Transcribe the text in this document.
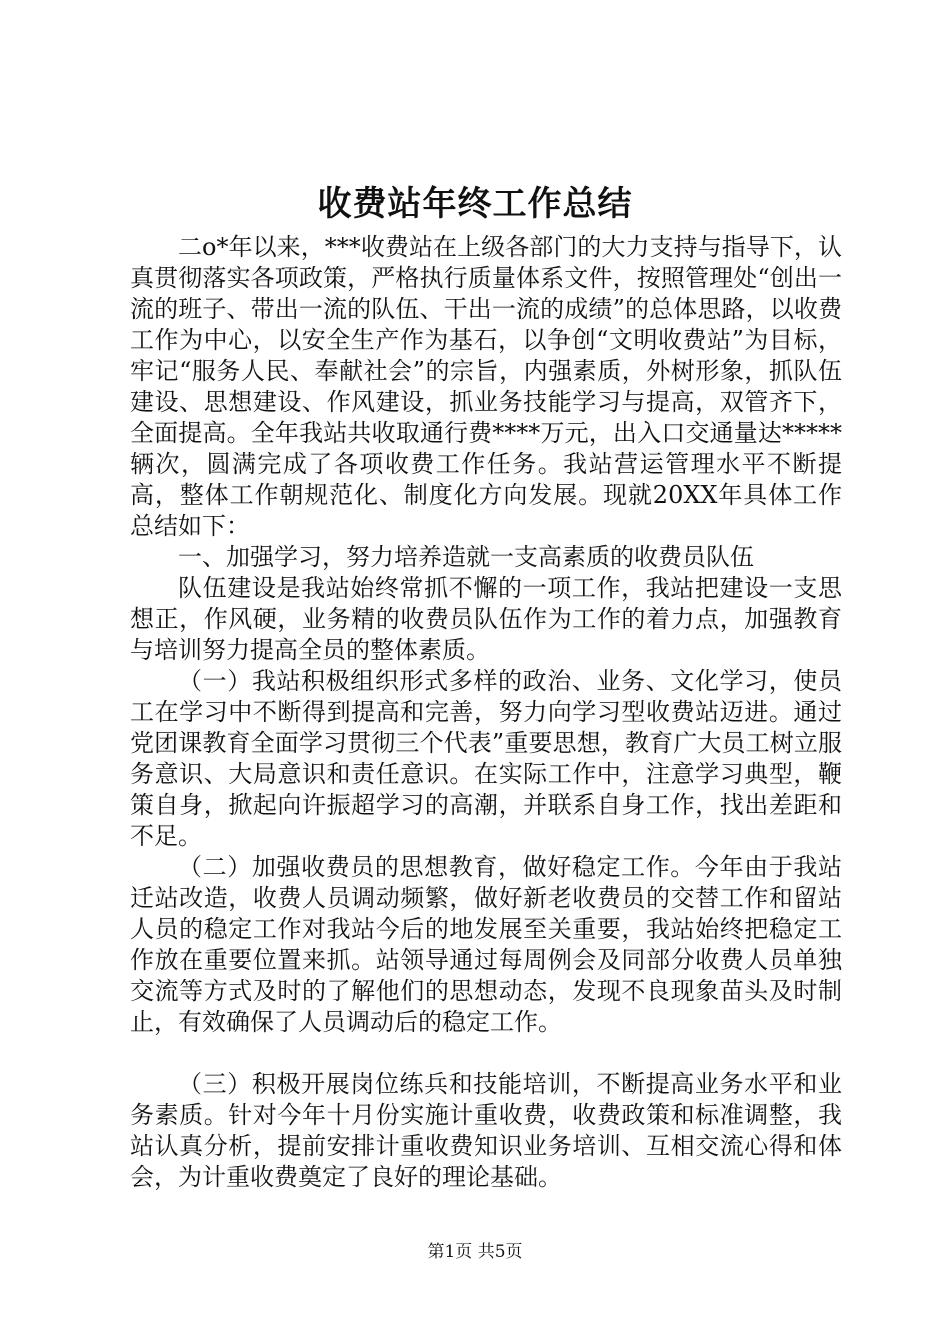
收费站年终工作总结

二o*年以来，***收费站在上级各部门的大力支持与指导下，认真贯彻落实各项政策，严格执行质量体系文件，按照管理处“创出一流的班子、带出一流的队伍、干出一流的成绩”的总体思路，以收费工作为中心，以安全生产作为基石，以争创“文明收费站”为目标，牢记“服务人民、奉献社会”的宗旨，内强素质，外树形象，抓队伍建设、思想建设、作风建设，抓业务技能学习与提高，双管齐下，全面提高。全年我站共收取通行费****万元，出入口交通量达*****辆次，圆满完成了各项收费工作任务。我站营运管理水平不断提高，整体工作朝规范化、制度化方向发展。现就20XX年具体工作总结如下：

一、加强学习，努力培养造就一支高素质的收费员队伍

队伍建设是我站始终常抓不懈的一项工作，我站把建设一支思想正，作风硬，业务精的收费员队伍作为工作的着力点，加强教育与培训努力提高全员的整体素质。

（一）我站积极组织形式多样的政治、业务、文化学习，使员工在学习中不断得到提高和完善，努力向学习型收费站迈进。通过党团课教育全面学习贯彻三个代表”重要思想，教育广大员工树立服务意识、大局意识和责任意识。在实际工作中，注意学习典型，鞭策自身，掀起向许振超学习的高潮，并联系自身工作，找出差距和不足。

（二）加强收费员的思想教育，做好稳定工作。今年由于我站迁站改造，收费人员调动频繁，做好新老收费员的交替工作和留站人员的稳定工作对我站今后的地发展至关重要，我站始终把稳定工作放在重要位置来抓。站领导通过每周例会及同部分收费人员单独交流等方式及时的了解他们的思想动态，发现不良现象苗头及时制止，有效确保了人员调动后的稳定工作。

（三）积极开展岗位练兵和技能培训，不断提高业务水平和业务素质。针对今年十月份实施计重收费，收费政策和标准调整，我站认真分析，提前安排计重收费知识业务培训、互相交流心得和体会，为计重收费奠定了良好的理论基础。

第1页 共5页
